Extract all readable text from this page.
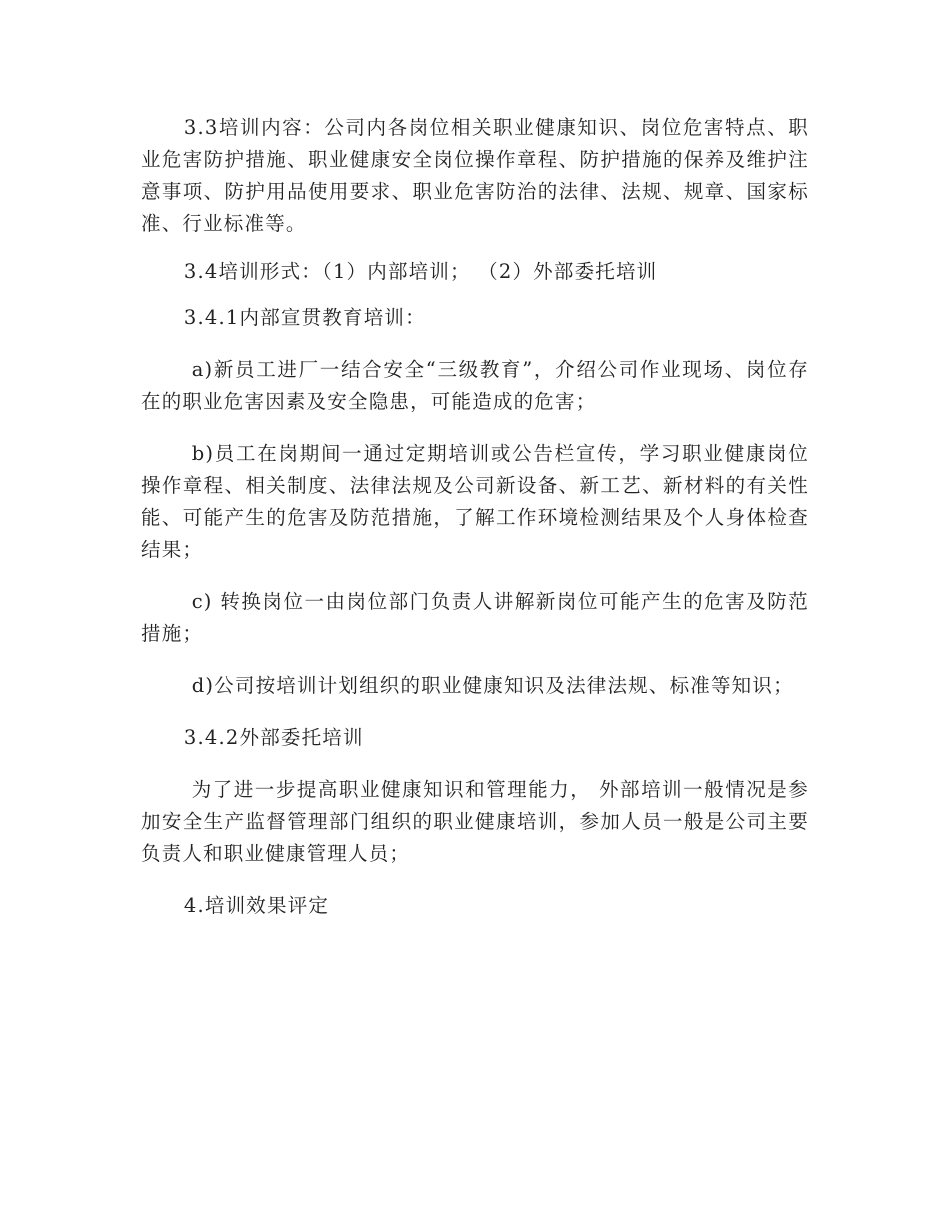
3.3培训内容：公司内各岗位相关职业健康知识、岗位危害特点、职业危害防护措施、职业健康安全岗位操作章程、防护措施的保养及维护注意事项、防护用品使用要求、职业危害防治的法律、法规、规章、国家标准、行业标准等。

3.4培训形式：（1）内部培训； （2）外部委托培训

3.4.1内部宣贯教育培训：

a)新员工进厂一结合安全“三级教育”，介绍公司作业现场、岗位存在的职业危害因素及安全隐患，可能造成的危害；

b)员工在岗期间一通过定期培训或公告栏宣传，学习职业健康岗位操作章程、相关制度、法律法规及公司新设备、新工艺、新材料的有关性能、可能产生的危害及防范措施，了解工作环境检测结果及个人身体检查结果；

c) 转换岗位一由岗位部门负责人讲解新岗位可能产生的危害及防范措施；

d)公司按培训计划组织的职业健康知识及法律法规、标准等知识；

3.4.2外部委托培训

为了进一步提高职业健康知识和管理能力， 外部培训一般情况是参加安全生产监督管理部门组织的职业健康培训，参加人员一般是公司主要负责人和职业健康管理人员；

4.培训效果评定
